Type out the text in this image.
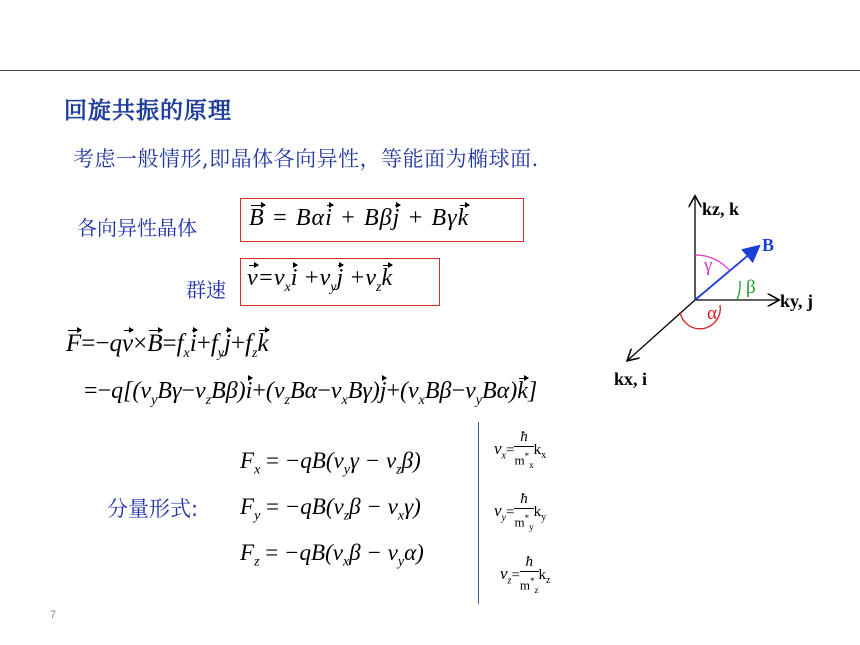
回旋共振的原理
考虑一般情形,即晶体各向异性，等能面为椭球面.
各向异性晶体 B = Bαi + Bβj + Bγk
群速 $v=v_xi +v_yj +v_zk$
$F=-qv\times B=f_xi+f_yj+f_zk$
$=-q[(v_yB\gamma-v_zB\beta)i+(v_zB\alpha-v_xB\gamma)j+(v_xB\beta-v_yB\alpha)k]$
分量形式:
$F_x = -qB(v_y\gamma - v_z\beta)$
$F_y = -qB(v_z\beta - v_x\gamma)$
$F_z = -qB(v_x\beta - v_y\alpha)$
$v_x= \frac{ħ}{m^*_x} k_x$
$v_y= \frac{ħ}{m^*_y} k_y$
$v_z= \frac{ħ}{m^*_z} k_z$
kz, k
ky, j
kx, i
B
γ
β
α
7
